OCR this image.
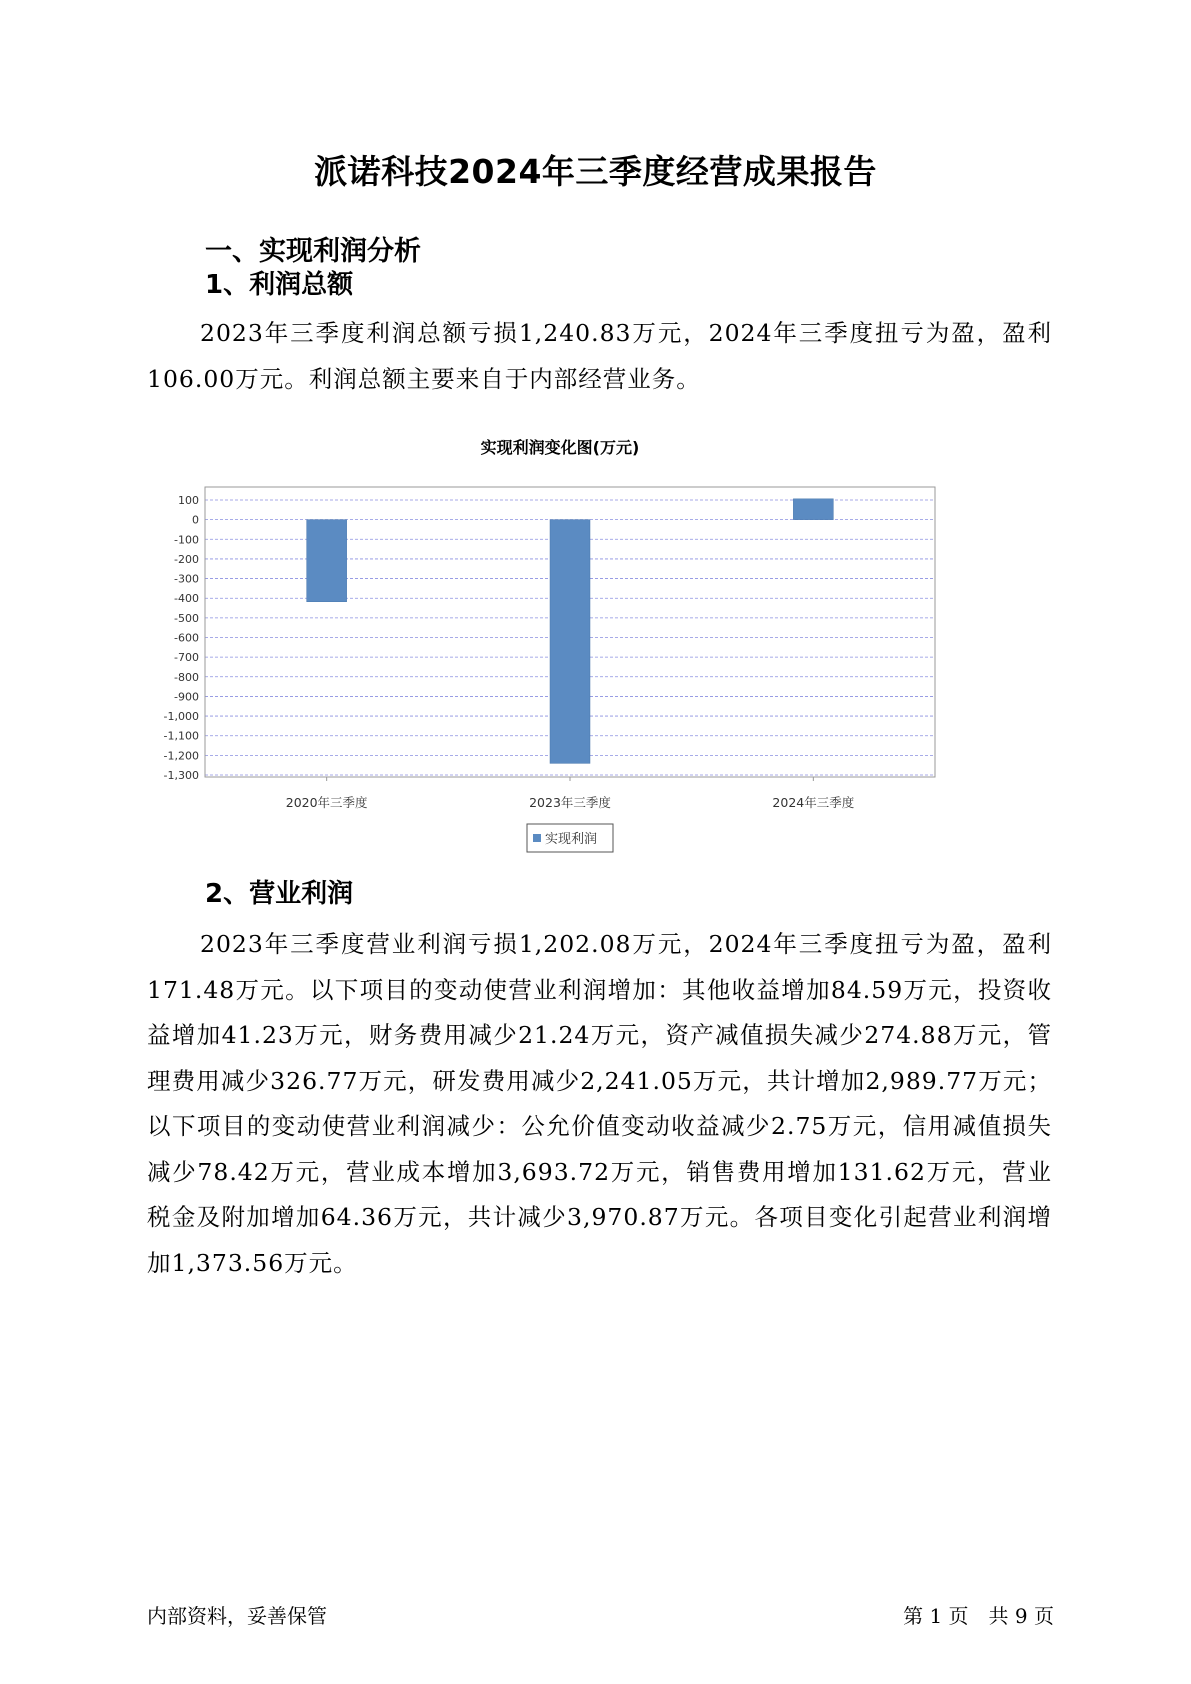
派诺科技2024年三季度经营成果报告
一、实现利润分析
1、利润总额
2023年三季度利润总额亏损1,240.83万元，2024年三季度扭亏为盈，盈利106.00万元。利润总额主要来自于内部经营业务。
实现利润变化图(万元)
100
0
-100
-200
-300
-400
-500
-600
-700
-800
-900
-1,000
-1,100
-1,200
-1,300
2020年三季度	2023年三季度	2024年三季度
实现利润
2、营业利润
2023年三季度营业利润亏损1,202.08万元，2024年三季度扭亏为盈，盈利171.48万元。以下项目的变动使营业利润增加：其他收益增加84.59万元，投资收益增加41.23万元，财务费用减少21.24万元，资产减值损失减少274.88万元，管理费用减少326.77万元，研发费用减少2,241.05万元，共计增加2,989.77万元；以下项目的变动使营业利润减少：公允价值变动收益减少2.75万元，信用减值损失减少78.42万元，营业成本增加3,693.72万元，销售费用增加131.62万元，营业税金及附加增加64.36万元，共计减少3,970.87万元。各项目变化引起营业利润增加1,373.56万元。
内部资料，妥善保管	第 1 页　共 9 页
